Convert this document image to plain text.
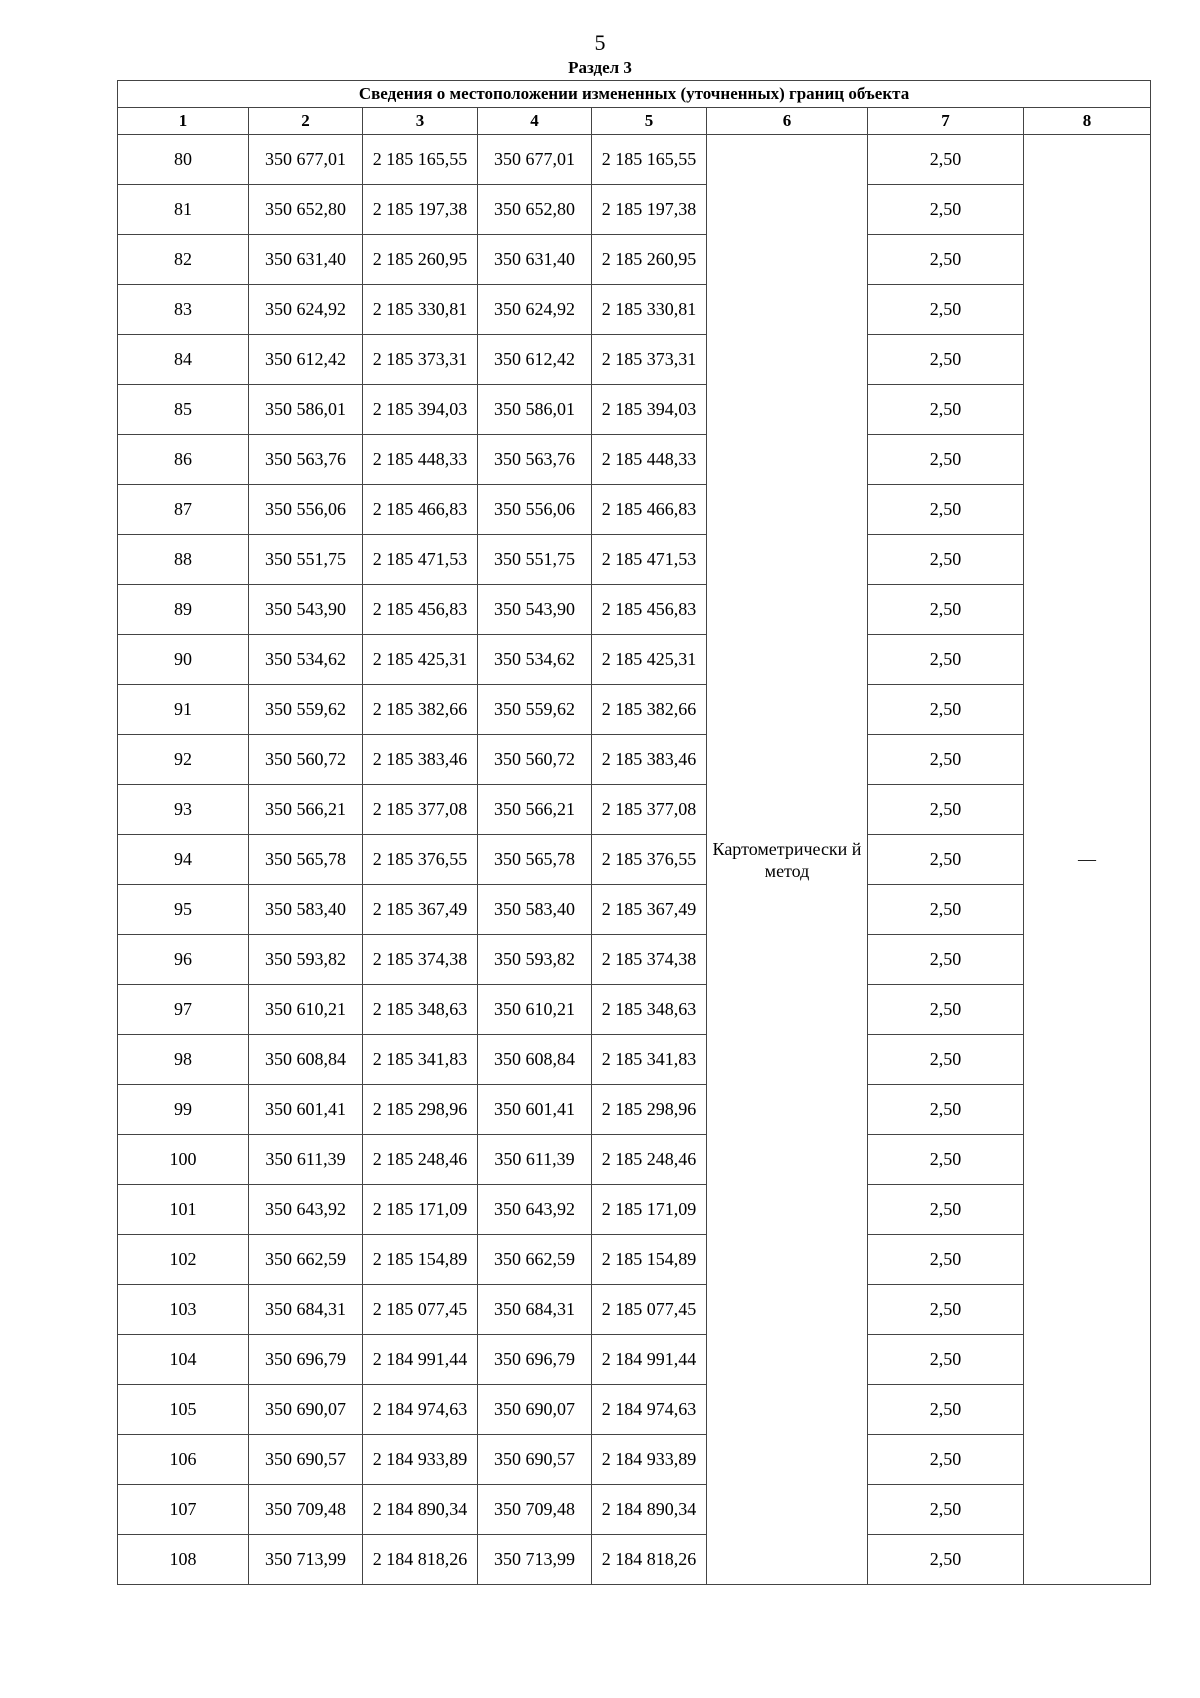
5
Раздел 3
Сведения о местоположении измененных (уточненных) границ объекта							
1	2	3	4	5	6	7	8
80	350 677,01	2 185 165,55	350 677,01	2 185 165,55	Картометрически й метод	2,50	—
81	350 652,80	2 185 197,38	350 652,80	2 185 197,38		2,50	
82	350 631,40	2 185 260,95	350 631,40	2 185 260,95		2,50	
83	350 624,92	2 185 330,81	350 624,92	2 185 330,81		2,50	
84	350 612,42	2 185 373,31	350 612,42	2 185 373,31		2,50	
85	350 586,01	2 185 394,03	350 586,01	2 185 394,03		2,50	
86	350 563,76	2 185 448,33	350 563,76	2 185 448,33		2,50	
87	350 556,06	2 185 466,83	350 556,06	2 185 466,83		2,50	
88	350 551,75	2 185 471,53	350 551,75	2 185 471,53		2,50	
89	350 543,90	2 185 456,83	350 543,90	2 185 456,83		2,50	
90	350 534,62	2 185 425,31	350 534,62	2 185 425,31		2,50	
91	350 559,62	2 185 382,66	350 559,62	2 185 382,66		2,50	
92	350 560,72	2 185 383,46	350 560,72	2 185 383,46		2,50	
93	350 566,21	2 185 377,08	350 566,21	2 185 377,08		2,50	
94	350 565,78	2 185 376,55	350 565,78	2 185 376,55		2,50	
95	350 583,40	2 185 367,49	350 583,40	2 185 367,49		2,50	
96	350 593,82	2 185 374,38	350 593,82	2 185 374,38		2,50	
97	350 610,21	2 185 348,63	350 610,21	2 185 348,63		2,50	
98	350 608,84	2 185 341,83	350 608,84	2 185 341,83		2,50	
99	350 601,41	2 185 298,96	350 601,41	2 185 298,96		2,50	
100	350 611,39	2 185 248,46	350 611,39	2 185 248,46		2,50	
101	350 643,92	2 185 171,09	350 643,92	2 185 171,09		2,50	
102	350 662,59	2 185 154,89	350 662,59	2 185 154,89		2,50	
103	350 684,31	2 185 077,45	350 684,31	2 185 077,45		2,50	
104	350 696,79	2 184 991,44	350 696,79	2 184 991,44		2,50	
105	350 690,07	2 184 974,63	350 690,07	2 184 974,63		2,50	
106	350 690,57	2 184 933,89	350 690,57	2 184 933,89		2,50	
107	350 709,48	2 184 890,34	350 709,48	2 184 890,34		2,50	
108	350 713,99	2 184 818,26	350 713,99	2 184 818,26		2,50	
